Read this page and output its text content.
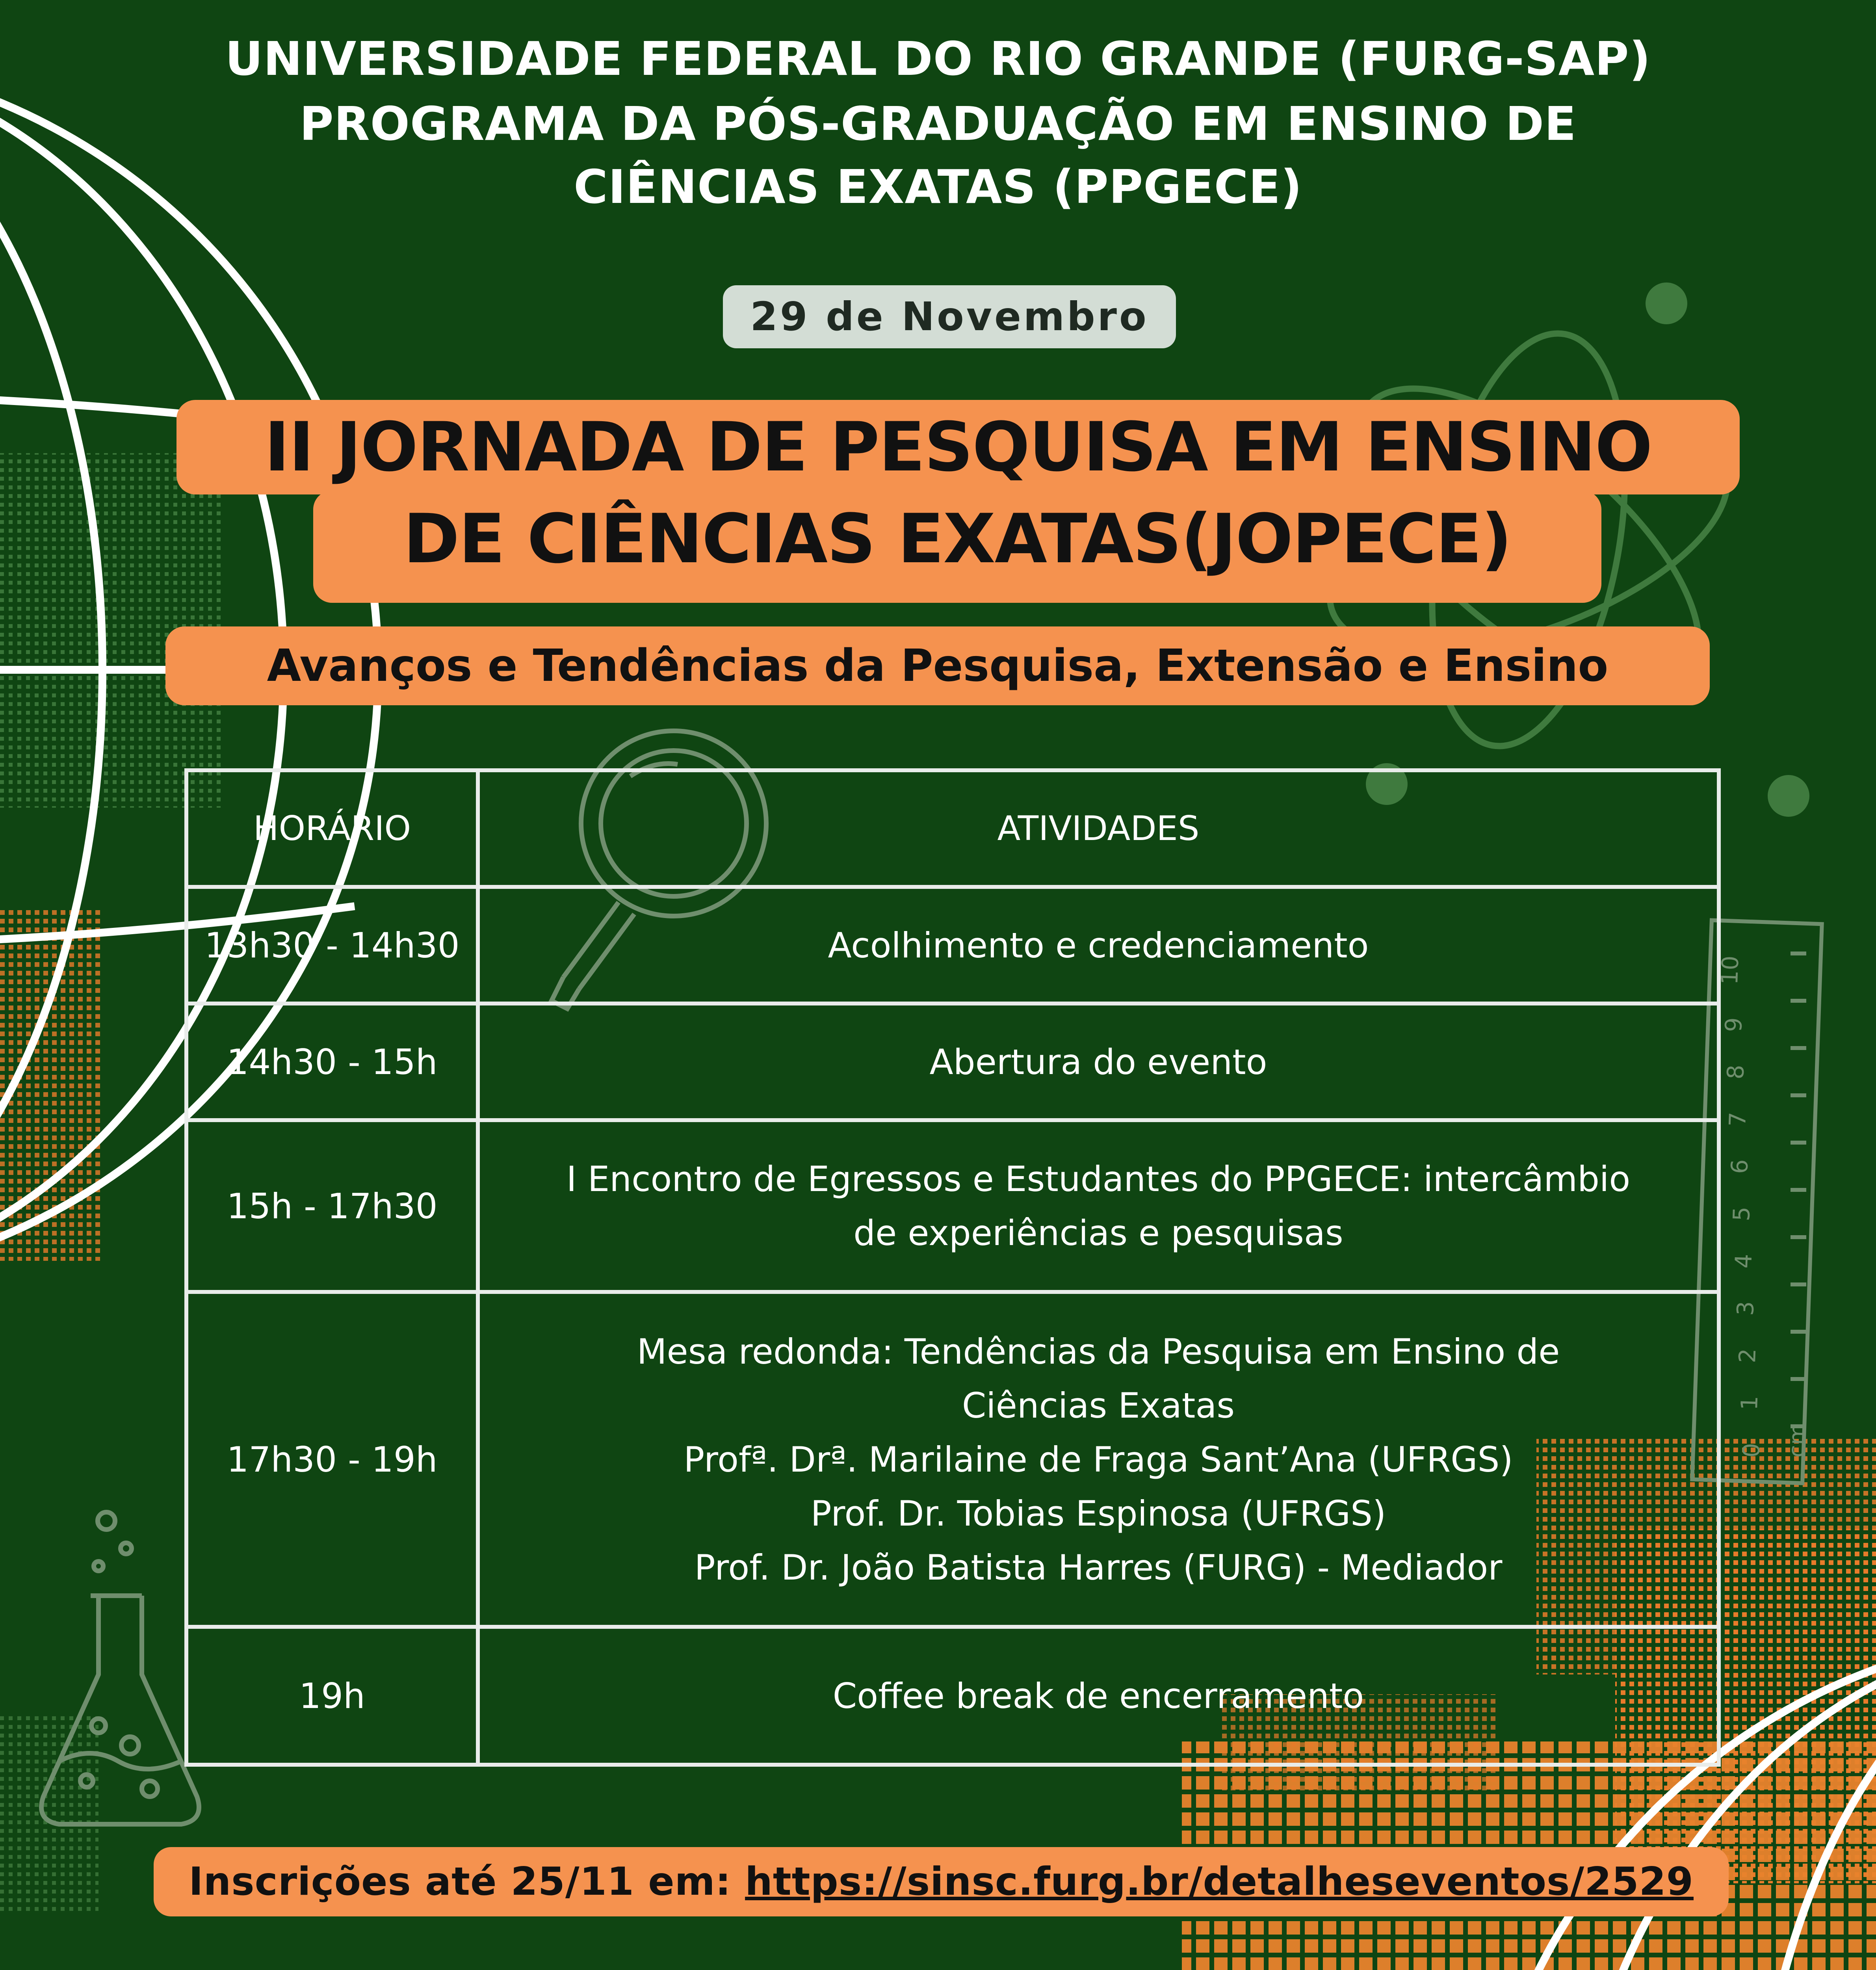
10
9
8
7
6
5
4
3
2
1
0 cm
UNIVERSIDADE FEDERAL DO RIO GRANDE (FURG-SAP)
PROGRAMA DA PÓS-GRADUAÇÃO EM ENSINO DE
CIÊNCIAS EXATAS (PPGECE)
29 de Novembro
II JORNADA DE PESQUISA EM ENSINO
DE CIÊNCIAS EXATAS(JOPECE)
Avanços e Tendências da Pesquisa, Extensão e Ensino
HORÁRIO	ATIVIDADES
13h30 - 14h30	Acolhimento e credenciamento

14h30 - 15h	Abertura do evento

15h - 17h30	I Encontro de Egressos e Estudantes do PPGECE: intercâmbio
de experiências e pesquisas

17h30 - 19h	Mesa redonda: Tendências da Pesquisa em Ensino de
Ciências Exatas
Profª. Drª. Marilaine de Fraga Sant’Ana (UFRGS)
Prof. Dr. Tobias Espinosa (UFRGS)
Prof. Dr. João Batista Harres (FURG) - Mediador

19h	Coffee break de encerramento
Inscrições até 25/11 em: https://sinsc.furg.br/detalheseventos/2529
